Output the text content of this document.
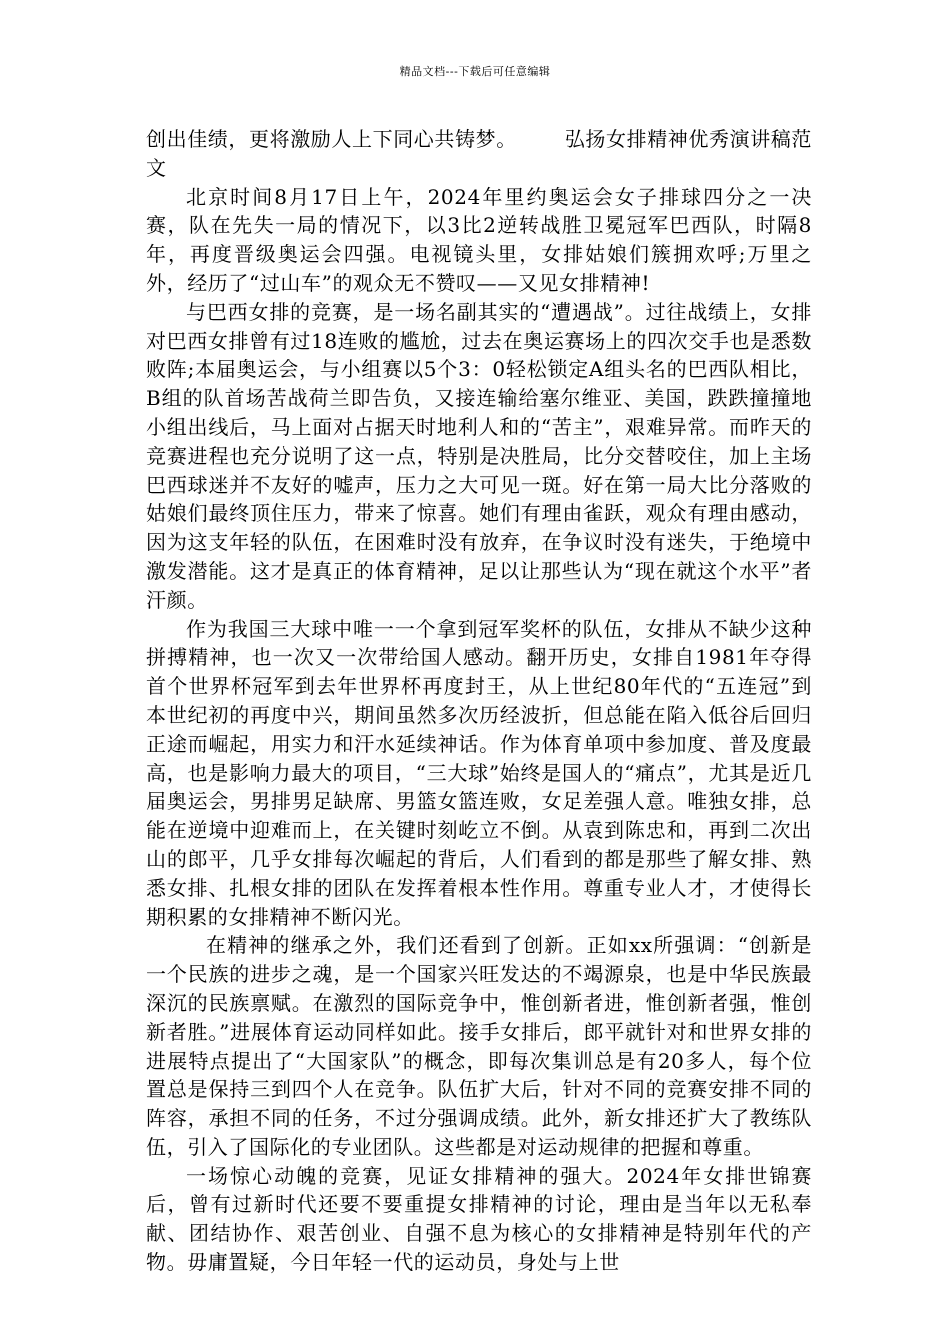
精品文档---下载后可任意编辑

创出佳绩，更将激励人上下同心共铸梦。 弘扬女排精神优秀演讲稿范文

北京时间8月17日上午，2024年里约奥运会女子排球四分之一决赛，队在先失一局的情况下，以3比2逆转战胜卫冕冠军巴西队，时隔8年，再度晋级奥运会四强。电视镜头里，女排姑娘们簇拥欢呼;万里之外，经历了“过山车”的观众无不赞叹——又见女排精神!

与巴西女排的竞赛，是一场名副其实的“遭遇战”。过往战绩上，女排对巴西女排曾有过18连败的尴尬，过去在奥运赛场上的四次交手也是悉数败阵;本届奥运会，与小组赛以5个3：0轻松锁定A组头名的巴西队相比，B组的队首场苦战荷兰即告负，又接连输给塞尔维亚、美国，跌跌撞撞地小组出线后，马上面对占据天时地利人和的“苦主”，艰难异常。而昨天的竞赛进程也充分说明了这一点，特别是决胜局，比分交替咬住，加上主场巴西球迷并不友好的嘘声，压力之大可见一斑。好在第一局大比分落败的姑娘们最终顶住压力，带来了惊喜。她们有理由雀跃，观众有理由感动，因为这支年轻的队伍，在困难时没有放弃，在争议时没有迷失，于绝境中激发潜能。这才是真正的体育精神，足以让那些认为“现在就这个水平”者汗颜。

作为我国三大球中唯一一个拿到冠军奖杯的队伍，女排从不缺少这种拼搏精神，也一次又一次带给国人感动。翻开历史，女排自1981年夺得首个世界杯冠军到去年世界杯再度封王，从上世纪80年代的“五连冠”到本世纪初的再度中兴，期间虽然多次历经波折，但总能在陷入低谷后回归正途而崛起，用实力和汗水延续神话。作为体育单项中参加度、普及度最高，也是影响力最大的项目，“三大球”始终是国人的“痛点”，尤其是近几届奥运会，男排男足缺席、男篮女篮连败，女足差强人意。唯独女排，总能在逆境中迎难而上，在关键时刻屹立不倒。从袁到陈忠和，再到二次出山的郎平，几乎女排每次崛起的背后，人们看到的都是那些了解女排、熟悉女排、扎根女排的团队在发挥着根本性作用。尊重专业人才，才使得长期积累的女排精神不断闪光。

在精神的继承之外，我们还看到了创新。正如xx所强调：“创新是一个民族的进步之魂，是一个国家兴旺发达的不竭源泉，也是中华民族最深沉的民族禀赋。在激烈的国际竞争中，惟创新者进，惟创新者强，惟创新者胜。”进展体育运动同样如此。接手女排后，郎平就针对和世界女排的进展特点提出了“大国家队”的概念，即每次集训总是有20多人，每个位置总是保持三到四个人在竞争。队伍扩大后，针对不同的竞赛安排不同的阵容，承担不同的任务，不过分强调成绩。此外，新女排还扩大了教练队伍，引入了国际化的专业团队。这些都是对运动规律的把握和尊重。

一场惊心动魄的竞赛，见证女排精神的强大。2024年女排世锦赛后，曾有过新时代还要不要重提女排精神的讨论，理由是当年以无私奉献、团结协作、艰苦创业、自强不息为核心的女排精神是特别年代的产物。毋庸置疑，今日年轻一代的运动员，身处与上世
